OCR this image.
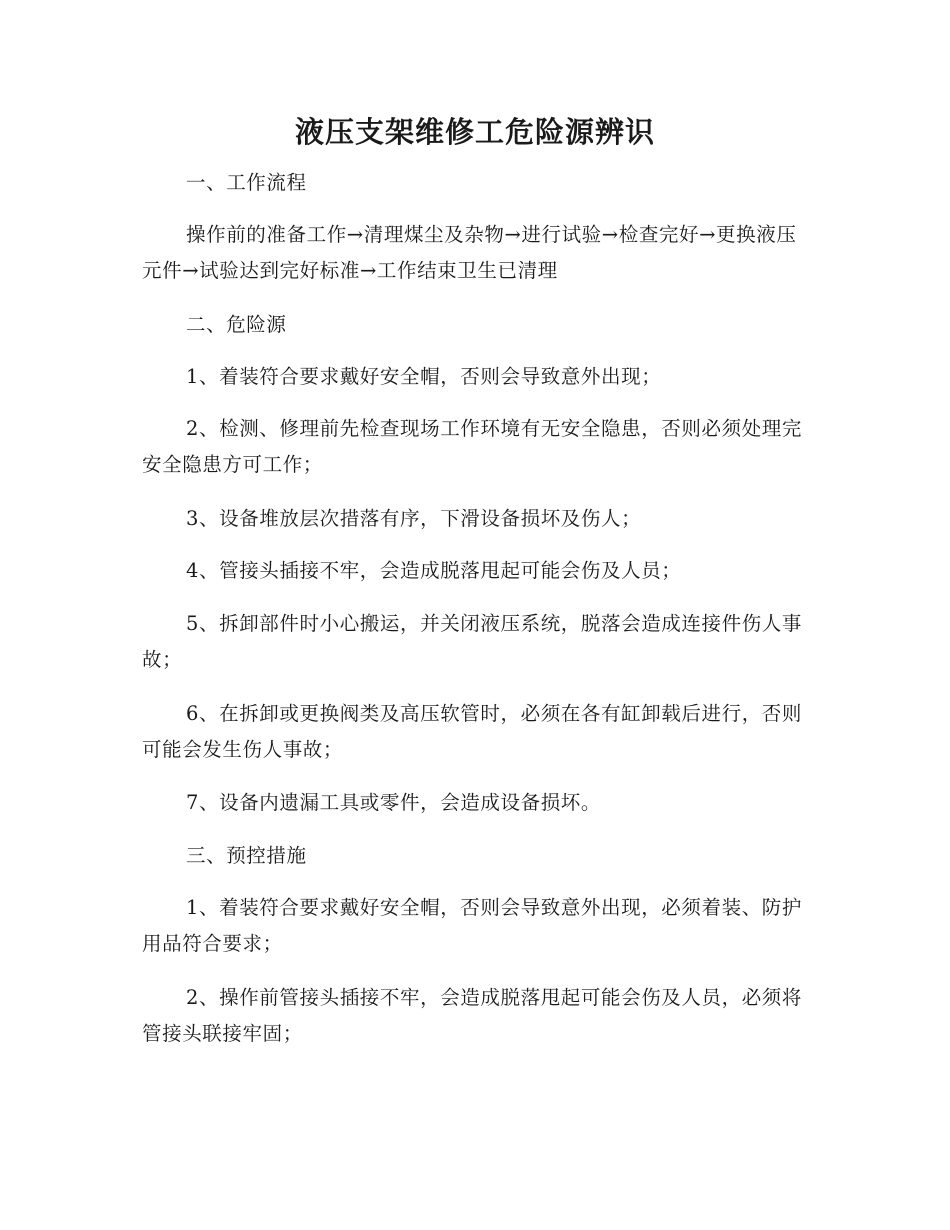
液压支架维修工危险源辨识

一、工作流程

操作前的准备工作→清理煤尘及杂物→进行试验→检查完好→更换液压元件→试验达到完好标准→工作结束卫生已清理

二、危险源

1、着装符合要求戴好安全帽，否则会导致意外出现；

2、检测、修理前先检查现场工作环境有无安全隐患，否则必须处理完安全隐患方可工作；

3、设备堆放层次措落有序，下滑设备损坏及伤人；

4、管接头插接不牢，会造成脱落甩起可能会伤及人员；

5、拆卸部件时小心搬运，并关闭液压系统，脱落会造成连接件伤人事故；

6、在拆卸或更换阀类及高压软管时，必须在各有缸卸载后进行，否则可能会发生伤人事故；

7、设备内遗漏工具或零件，会造成设备损坏。

三、预控措施

1、着装符合要求戴好安全帽，否则会导致意外出现，必须着装、防护用品符合要求；

2、操作前管接头插接不牢，会造成脱落甩起可能会伤及人员，必须将管接头联接牢固；
